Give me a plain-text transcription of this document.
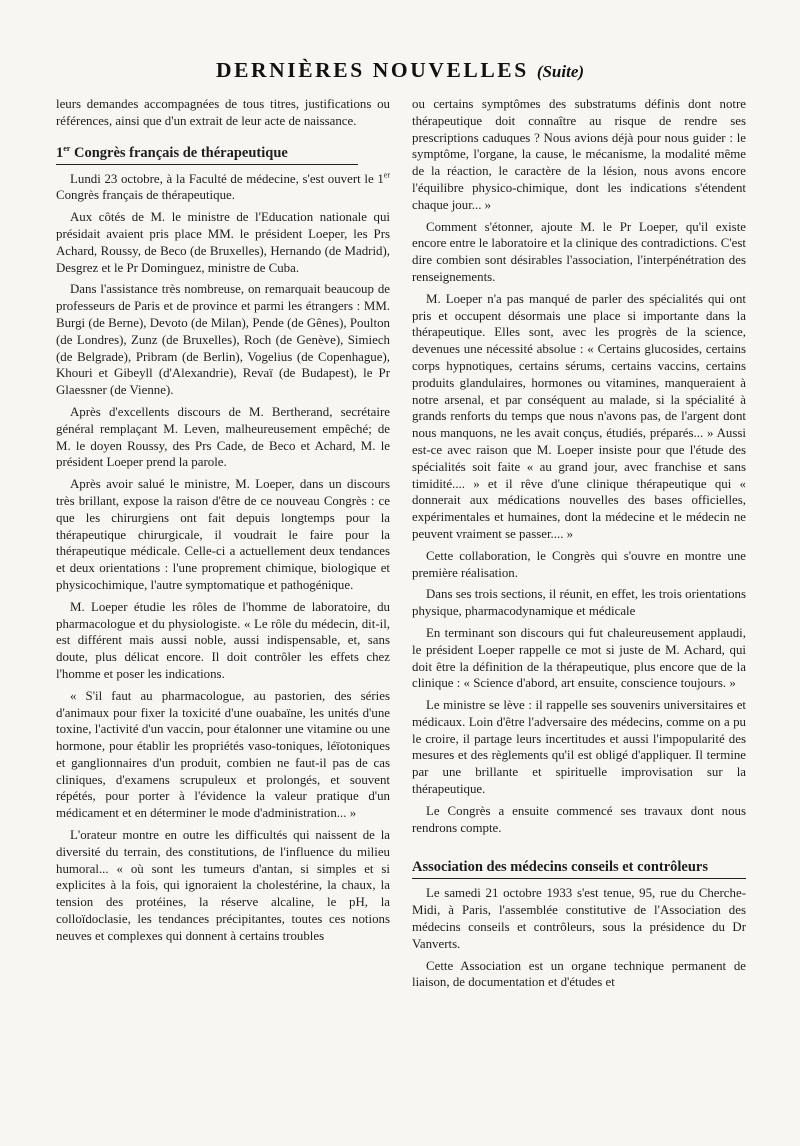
DERNIÈRES NOUVELLES (Suite)

leurs demandes accompagnées de tous titres, justifications ou références, ainsi que d'un extrait de leur acte de naissance.

1er Congrès français de thérapeutique

Lundi 23 octobre, à la Faculté de médecine, s'est ouvert le 1er Congrès français de thérapeutique.

Aux côtés de M. le ministre de l'Education nationale qui présidait avaient pris place MM. le président Loeper, les Prs Achard, Roussy, de Beco (de Bruxelles), Hernando (de Madrid), Desgrez et le Pr Dominguez, ministre de Cuba.

Dans l'assistance très nombreuse, on remarquait beaucoup de professeurs de Paris et de province et parmi les étrangers : MM. Burgi (de Berne), Devoto (de Milan), Pende (de Gênes), Poulton (de Londres), Zunz (de Bruxelles), Roch (de Genève), Simiech (de Belgrade), Pribram (de Berlin), Vogelius (de Copenhague), Khouri et Gibeyll (d'Alexandrie), Revaï (de Budapest), le Pr Glaessner (de Vienne).

Après d'excellents discours de M. Bertherand, secrétaire général remplaçant M. Leven, malheureusement empêché; de M. le doyen Roussy, des Prs Cade, de Beco et Achard, M. le président Loeper prend la parole.

Après avoir salué le ministre, M. Loeper, dans un discours très brillant, expose la raison d'être de ce nouveau Congrès : ce que les chirurgiens ont fait depuis longtemps pour la thérapeutique chirurgicale, il voudrait le faire pour la thérapeutique médicale. Celle-ci a actuellement deux tendances et deux orientations : l'une proprement chimique, biologique et physicochimique, l'autre symptomatique et pathogénique.

M. Loeper étudie les rôles de l'homme de laboratoire, du pharmacologue et du physiologiste. « Le rôle du médecin, dit-il, est différent mais aussi noble, aussi indispensable, et, sans doute, plus délicat encore. Il doit contrôler les effets chez l'homme et poser les indications.

« S'il faut au pharmacologue, au pastorien, des séries d'animaux pour fixer la toxicité d'une ouabaïne, les unités d'une toxine, l'activité d'un vaccin, pour étalonner une vitamine ou une hormone, pour établir les propriétés vaso-toniques, léïotoniques et ganglionnaires d'un produit, combien ne faut-il pas de cas cliniques, d'examens scrupuleux et prolongés, et souvent répétés, pour porter à l'évidence la valeur pratique d'un médicament et en déterminer le mode d'administration... »

L'orateur montre en outre les difficultés qui naissent de la diversité du terrain, des constitutions, de l'influence du milieu humoral... « où sont les tumeurs d'antan, si simples et si explicites à la fois, qui ignoraient la cholestérine, la chaux, la tension des protéines, la réserve alcaline, le pH, la colloïdoclasie, les tendances précipitantes, toutes ces notions neuves et complexes qui donnent à certains troubles

ou certains symptômes des substratums définis dont notre thérapeutique doit connaître au risque de rendre ses prescriptions caduques ? Nous avions déjà pour nous guider : le symptôme, l'organe, la cause, le mécanisme, la modalité même de la réaction, le caractère de la lésion, nous avons encore l'équilibre physico-chimique, dont les indications s'étendent chaque jour... »

Comment s'étonner, ajoute M. le Pr Loeper, qu'il existe encore entre le laboratoire et la clinique des contradictions. C'est dire combien sont désirables l'association, l'interpénétration des renseignements.

M. Loeper n'a pas manqué de parler des spécialités qui ont pris et occupent désormais une place si importante dans la thérapeutique. Elles sont, avec les progrès de la science, devenues une nécessité absolue : « Certains glucosides, certains corps hypnotiques, certains sérums, certains vaccins, certains produits glandulaires, hormones ou vitamines, manqueraient à notre arsenal, et par conséquent au malade, si la spécialité à grands renforts du temps que nous n'avons pas, de l'argent dont nous manquons, ne les avait conçus, étudiés, préparés... » Aussi est-ce avec raison que M. Loeper insiste pour que l'étude des spécialités soit faite « au grand jour, avec franchise et sans timidité.... » et il rêve d'une clinique thérapeutique qui « donnerait aux médications nouvelles des bases officielles, expérimentales et humaines, dont la médecine et le médecin ne peuvent vraiment se passer.... »

Cette collaboration, le Congrès qui s'ouvre en montre une première réalisation.

Dans ses trois sections, il réunit, en effet, les trois orientations physique, pharmacodynamique et médicale

En terminant son discours qui fut chaleureusement applaudi, le président Loeper rappelle ce mot si juste de M. Achard, qui doit être la définition de la thérapeutique, plus encore que de la clinique : « Science d'abord, art ensuite, conscience toujours. »

Le ministre se lève : il rappelle ses souvenirs universitaires et médicaux. Loin d'être l'adversaire des médecins, comme on a pu le croire, il partage leurs incertitudes et aussi l'impopularité des mesures et des règlements qu'il est obligé d'appliquer. Il termine par une brillante et spirituelle improvisation sur la thérapeutique.

Le Congrès a ensuite commencé ses travaux dont nous rendrons compte.

Association des médecins conseils et contrôleurs

Le samedi 21 octobre 1933 s'est tenue, 95, rue du Cherche-Midi, à Paris, l'assemblée constitutive de l'Association des médecins conseils et contrôleurs, sous la présidence du Dr Vanverts.

Cette Association est un organe technique permanent de liaison, de documentation et d'études et
